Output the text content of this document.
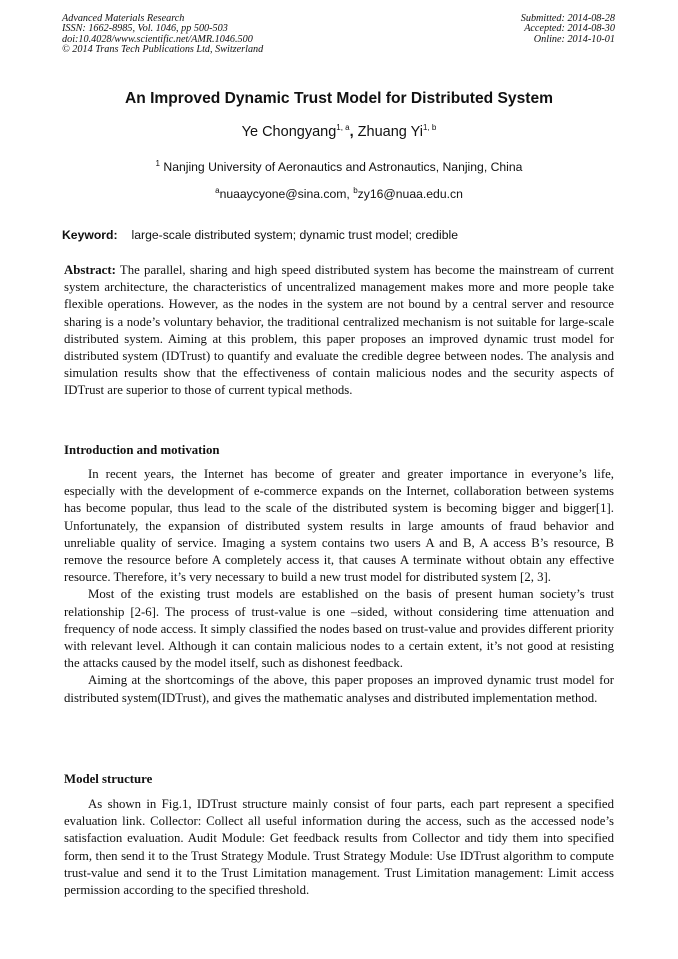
Advanced Materials Research
ISSN: 1662-8985, Vol. 1046, pp 500-503
doi:10.4028/www.scientific.net/AMR.1046.500
© 2014 Trans Tech Publications Ltd, Switzerland
Submitted: 2014-08-28
Accepted: 2014-08-30
Online: 2014-10-01
An Improved Dynamic Trust Model for Distributed System
Ye Chongyang$^{1, a}$, Zhuang Yi$^{1, b}$
$^1$ Nanjing University of Aeronautics and Astronautics, Nanjing, China
$^a$nuaaycyone@sina.com, $^b$zy16@nuaa.edu.cn
Keyword: large-scale distributed system; dynamic trust model; credible

Abstract: The parallel, sharing and high speed distributed system has become the mainstream of current system architecture, the characteristics of uncentralized management makes more and more people take flexible operations. However, as the nodes in the system are not bound by a central server and resource sharing is a node’s voluntary behavior, the traditional centralized mechanism is not suitable for large-scale distributed system. Aiming at this problem, this paper proposes an improved dynamic trust model for distributed system (IDTrust) to quantify and evaluate the credible degree between nodes. The analysis and simulation results show that the effectiveness of contain malicious nodes and the security aspects of IDTrust are superior to those of current typical methods.

Introduction and motivation

In recent years, the Internet has become of greater and greater importance in everyone’s life, especially with the development of e-commerce expands on the Internet, collaboration between systems has become popular, thus lead to the scale of the distributed system is becoming bigger and bigger[1]. Unfortunately, the expansion of distributed system results in large amounts of fraud behavior and unreliable quality of service. Imaging a system contains two users A and B, A access B’s resource, B remove the resource before A completely access it, that causes A terminate without obtain any effective resource. Therefore, it’s very necessary to build a new trust model for distributed system [2, 3].

Most of the existing trust models are established on the basis of present human society’s trust relationship [2-6]. The process of trust-value is one –sided, without considering time attenuation and frequency of node access. It simply classified the nodes based on trust-value and provides different priority with relevant level. Although it can contain malicious nodes to a certain extent, it’s not good at resisting the attacks caused by the model itself, such as dishonest feedback.

Aiming at the shortcomings of the above, this paper proposes an improved dynamic trust model for distributed system(IDTrust), and gives the mathematic analyses and distributed implementation method.

Model structure

As shown in Fig.1, IDTrust structure mainly consist of four parts, each part represent a specified evaluation link. Collector: Collect all useful information during the access, such as the accessed node’s satisfaction evaluation. Audit Module: Get feedback results from Collector and tidy them into specified form, then send it to the Trust Strategy Module. Trust Strategy Module: Use IDTrust algorithm to compute trust-value and send it to the Trust Limitation management. Trust Limitation management: Limit access permission according to the specified threshold.
